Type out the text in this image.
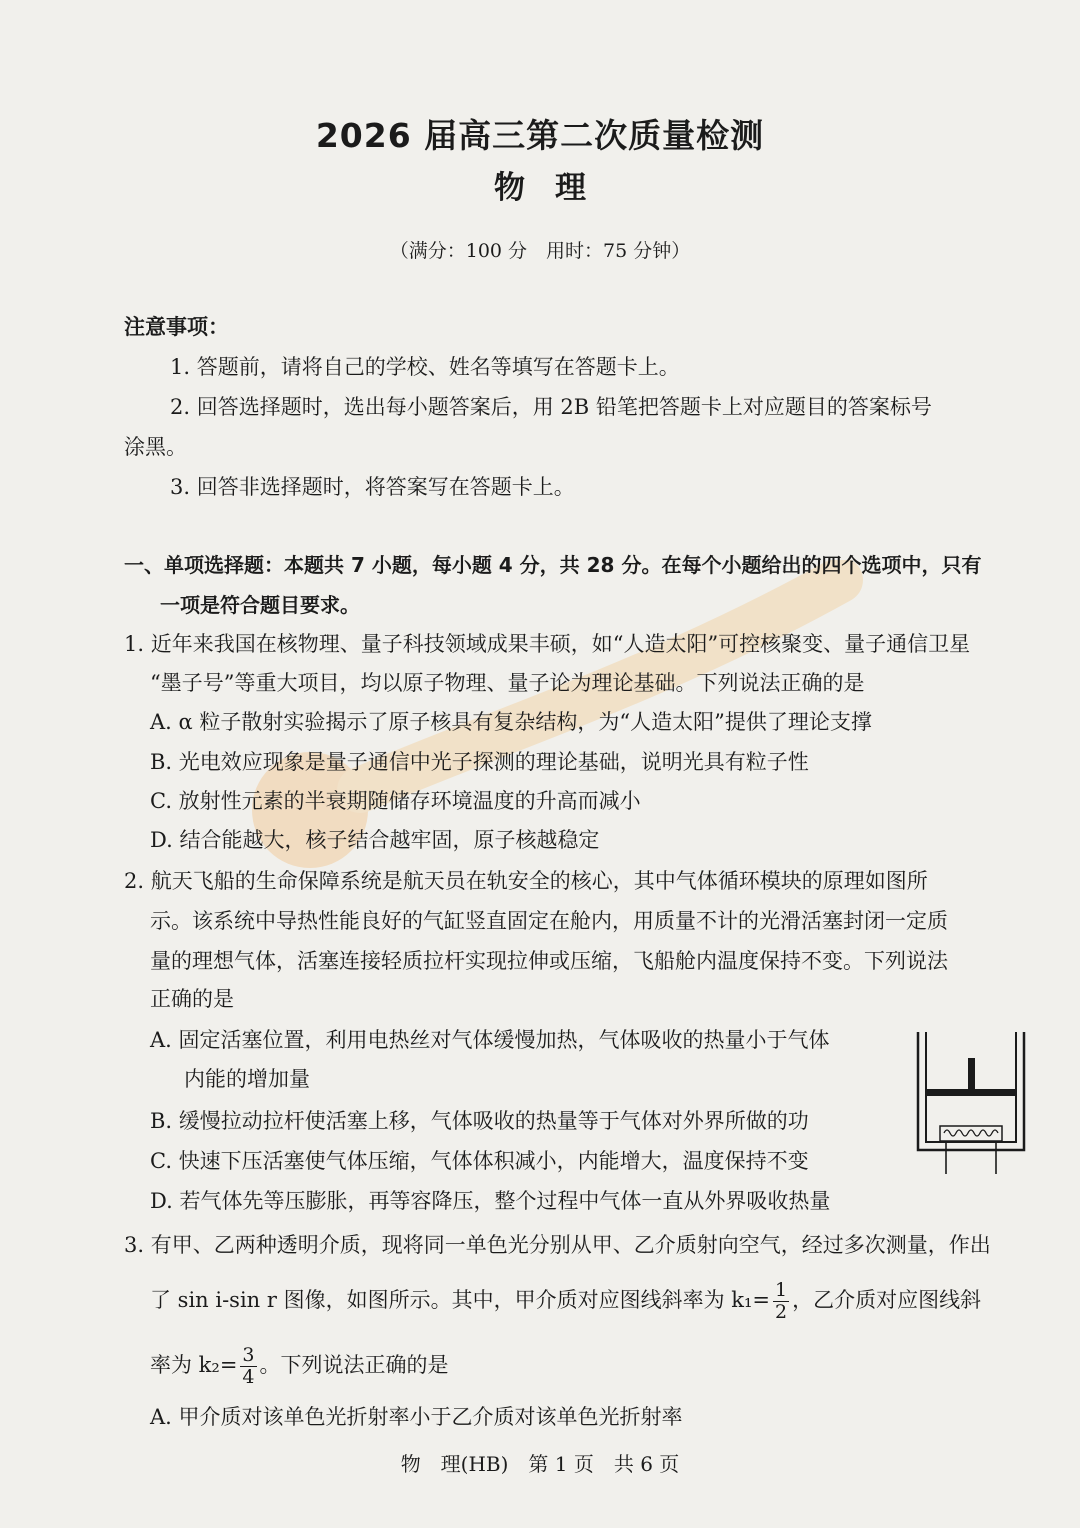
2026 届高三第二次质量检测
物理
（满分：100 分　用时：75 分钟）
注意事项：
1. 答题前，请将自己的学校、姓名等填写在答题卡上。
2. 回答选择题时，选出每小题答案后，用 2B 铅笔把答题卡上对应题目的答案标号
涂黑。
3. 回答非选择题时，将答案写在答题卡上。
一、单项选择题：本题共 7 小题，每小题 4 分，共 28 分。在每个小题给出的四个选项中，只有
一项是符合题目要求。
1. 近年来我国在核物理、量子科技领域成果丰硕，如“人造太阳”可控核聚变、量子通信卫星
“墨子号”等重大项目，均以原子物理、量子论为理论基础。下列说法正确的是
A. α 粒子散射实验揭示了原子核具有复杂结构，为“人造太阳”提供了理论支撑
B. 光电效应现象是量子通信中光子探测的理论基础，说明光具有粒子性
C. 放射性元素的半衰期随储存环境温度的升高而减小
D. 结合能越大，核子结合越牢固，原子核越稳定
2. 航天飞船的生命保障系统是航天员在轨安全的核心，其中气体循环模块的原理如图所
示。该系统中导热性能良好的气缸竖直固定在舱内，用质量不计的光滑活塞封闭一定质
量的理想气体，活塞连接轻质拉杆实现拉伸或压缩，飞船舱内温度保持不变。下列说法
正确的是
A. 固定活塞位置，利用电热丝对气体缓慢加热，气体吸收的热量小于气体
内能的增加量
B. 缓慢拉动拉杆使活塞上移，气体吸收的热量等于气体对外界所做的功
C. 快速下压活塞使气体压缩，气体体积减小，内能增大，温度保持不变
D. 若气体先等压膨胀，再等容降压，整个过程中气体一直从外界吸收热量
3. 有甲、乙两种透明介质，现将同一单色光分别从甲、乙介质射向空气，经过多次测量，作出
了 sin i-sin r 图像，如图所示。其中，甲介质对应图线斜率为 $k_1= \frac{1}{2}$ ，乙介质对应图线斜
率为 $k_2= \frac{3}{4}$ 。下列说法正确的是
A. 甲介质对该单色光折射率小于乙介质对该单色光折射率
物　理(HB)　第 1 页　共 6 页
